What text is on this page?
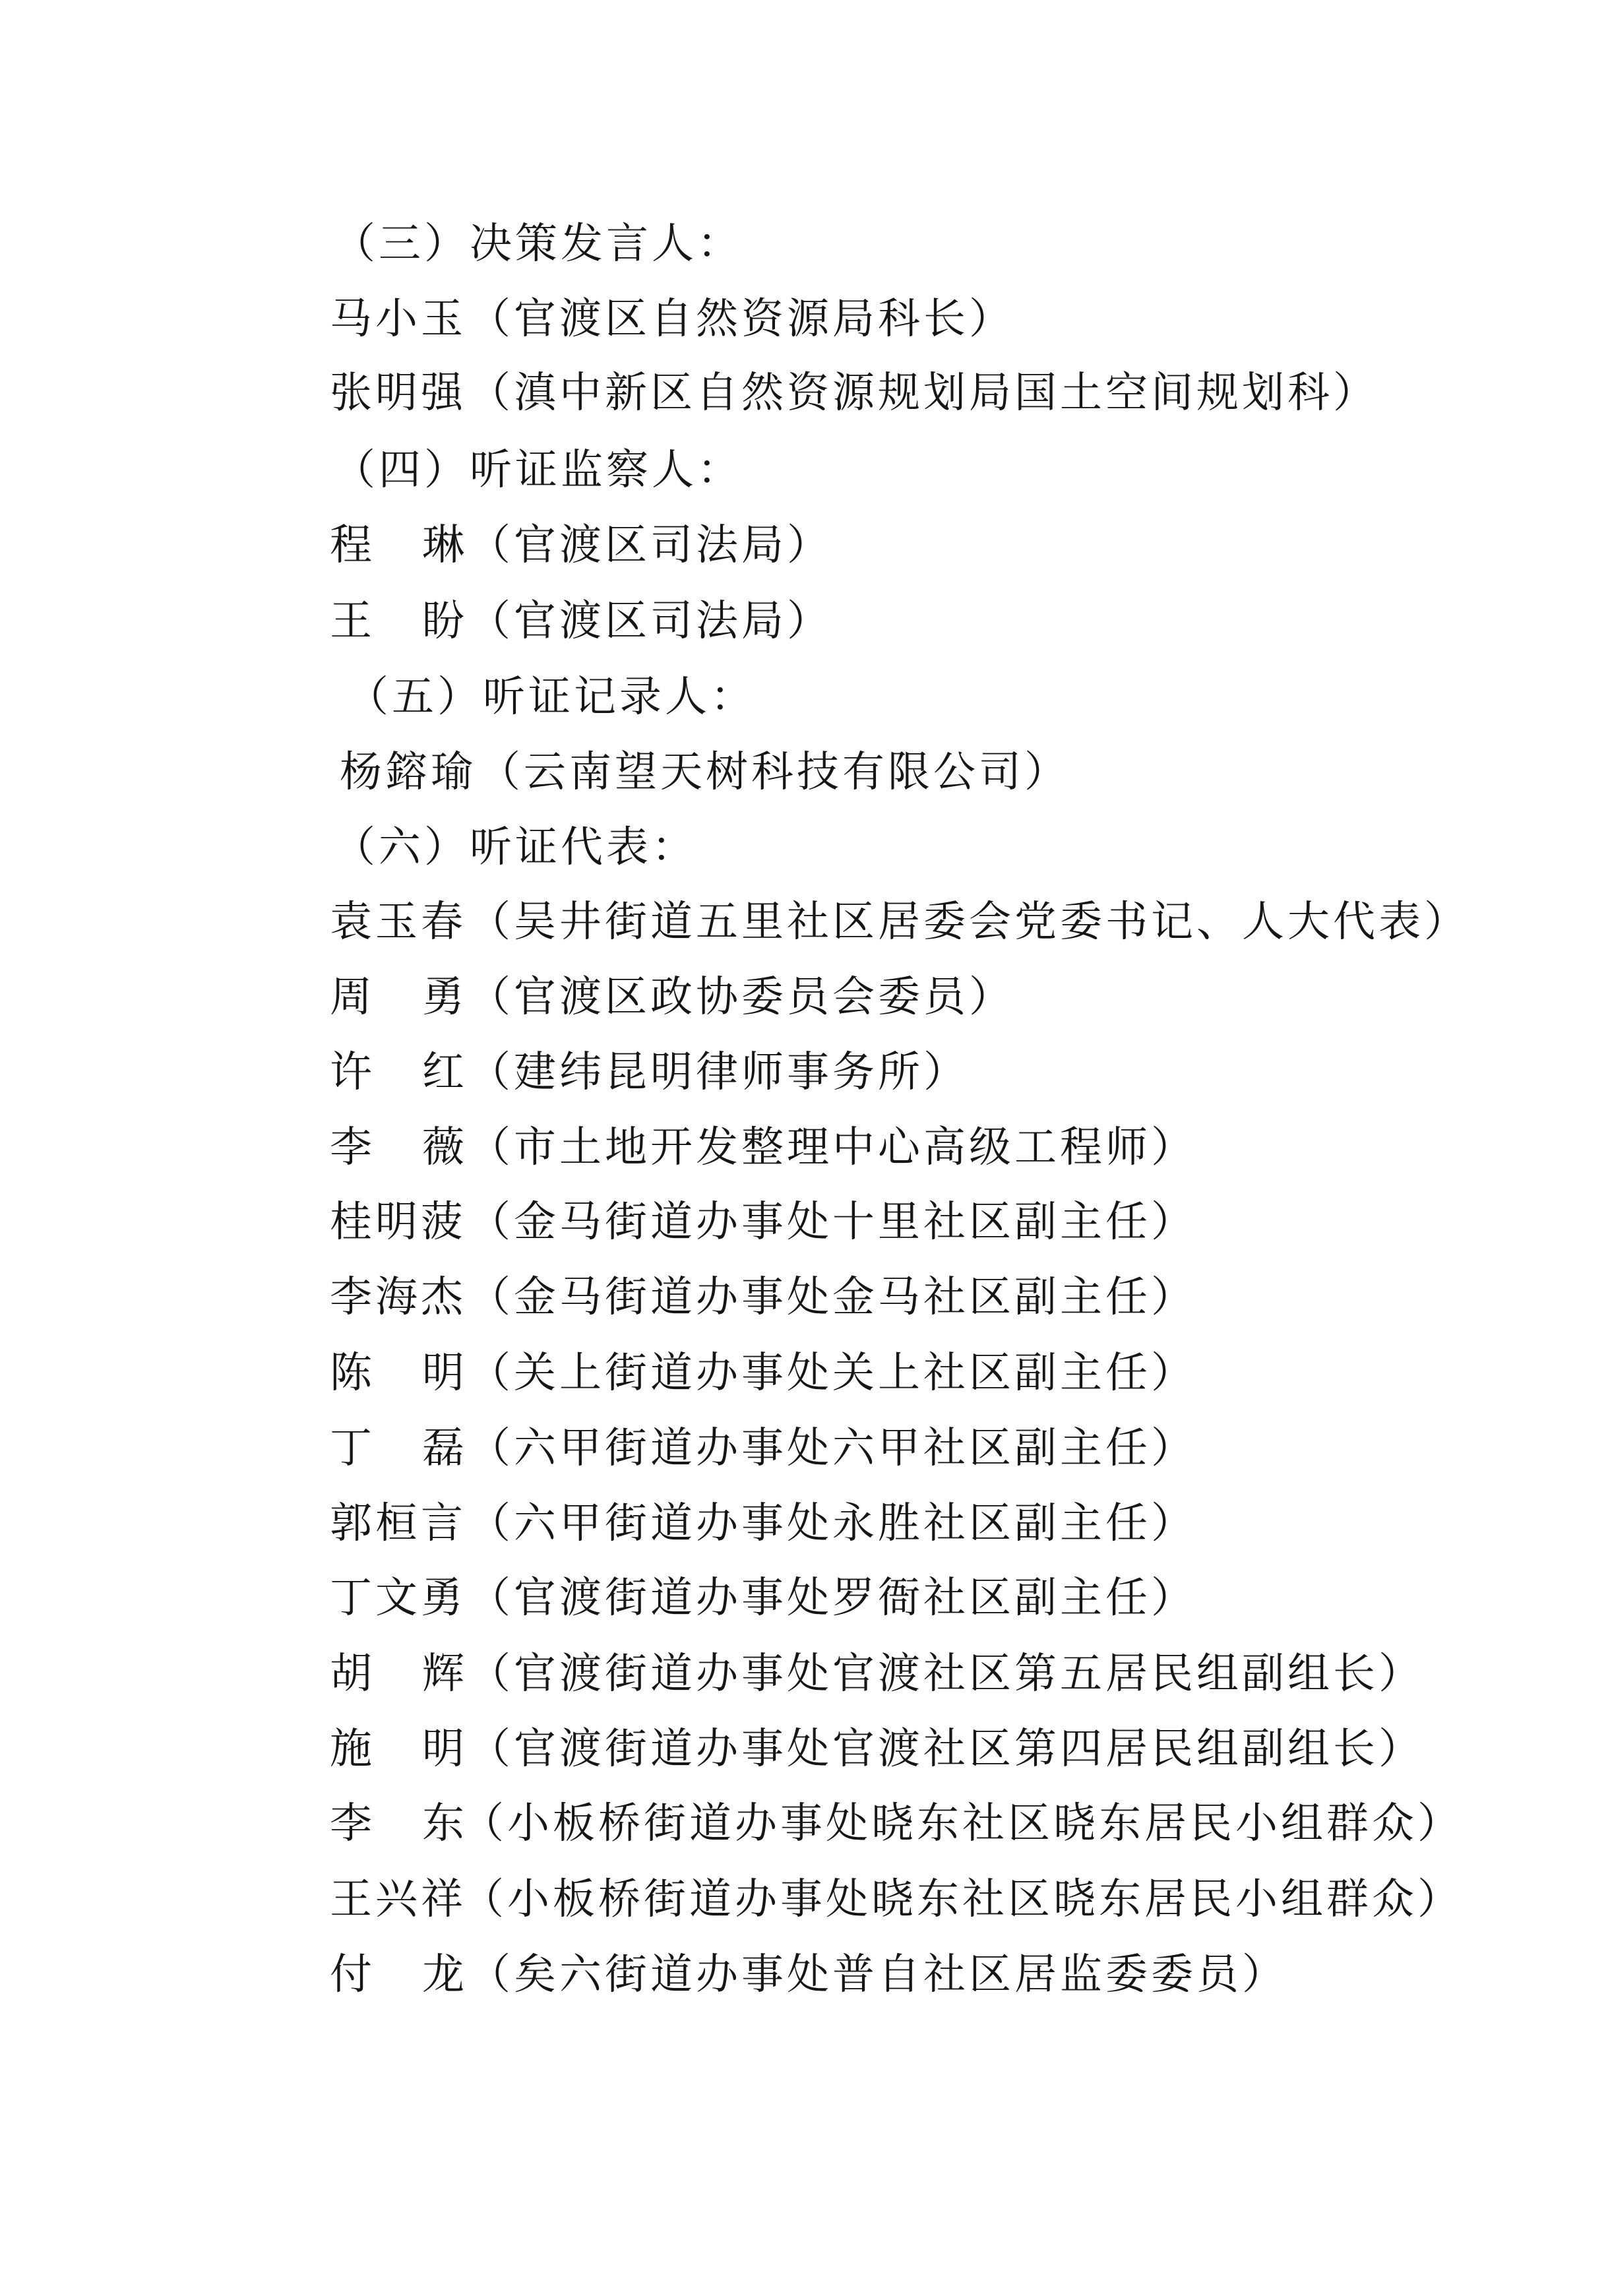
（三）决策发言人：
马小玉（官渡区自然资源局科长）
张明强（滇中新区自然资源规划局国土空间规划科）
（四）听证监察人：
程 琳（官渡区司法局）
王 盼（官渡区司法局）
（五）听证记录人：
杨鎔瑜（云南望天树科技有限公司）
（六）听证代表：
袁玉春（吴井街道五里社区居委会党委书记、人大代表）
周 勇（官渡区政协委员会委员）
许 红（建纬昆明律师事务所）
李 薇（市土地开发整理中心高级工程师）
桂明菠（金马街道办事处十里社区副主任）
李海杰（金马街道办事处金马社区副主任）
陈 明（关上街道办事处关上社区副主任）
丁 磊（六甲街道办事处六甲社区副主任）
郭桓言（六甲街道办事处永胜社区副主任）
丁文勇（官渡街道办事处罗衙社区副主任）
胡 辉（官渡街道办事处官渡社区第五居民组副组长）
施 明（官渡街道办事处官渡社区第四居民组副组长）
李 东（小板桥街道办事处晓东社区晓东居民小组群众）
王兴祥（小板桥街道办事处晓东社区晓东居民小组群众）
付 龙（矣六街道办事处普自社区居监委委员）
